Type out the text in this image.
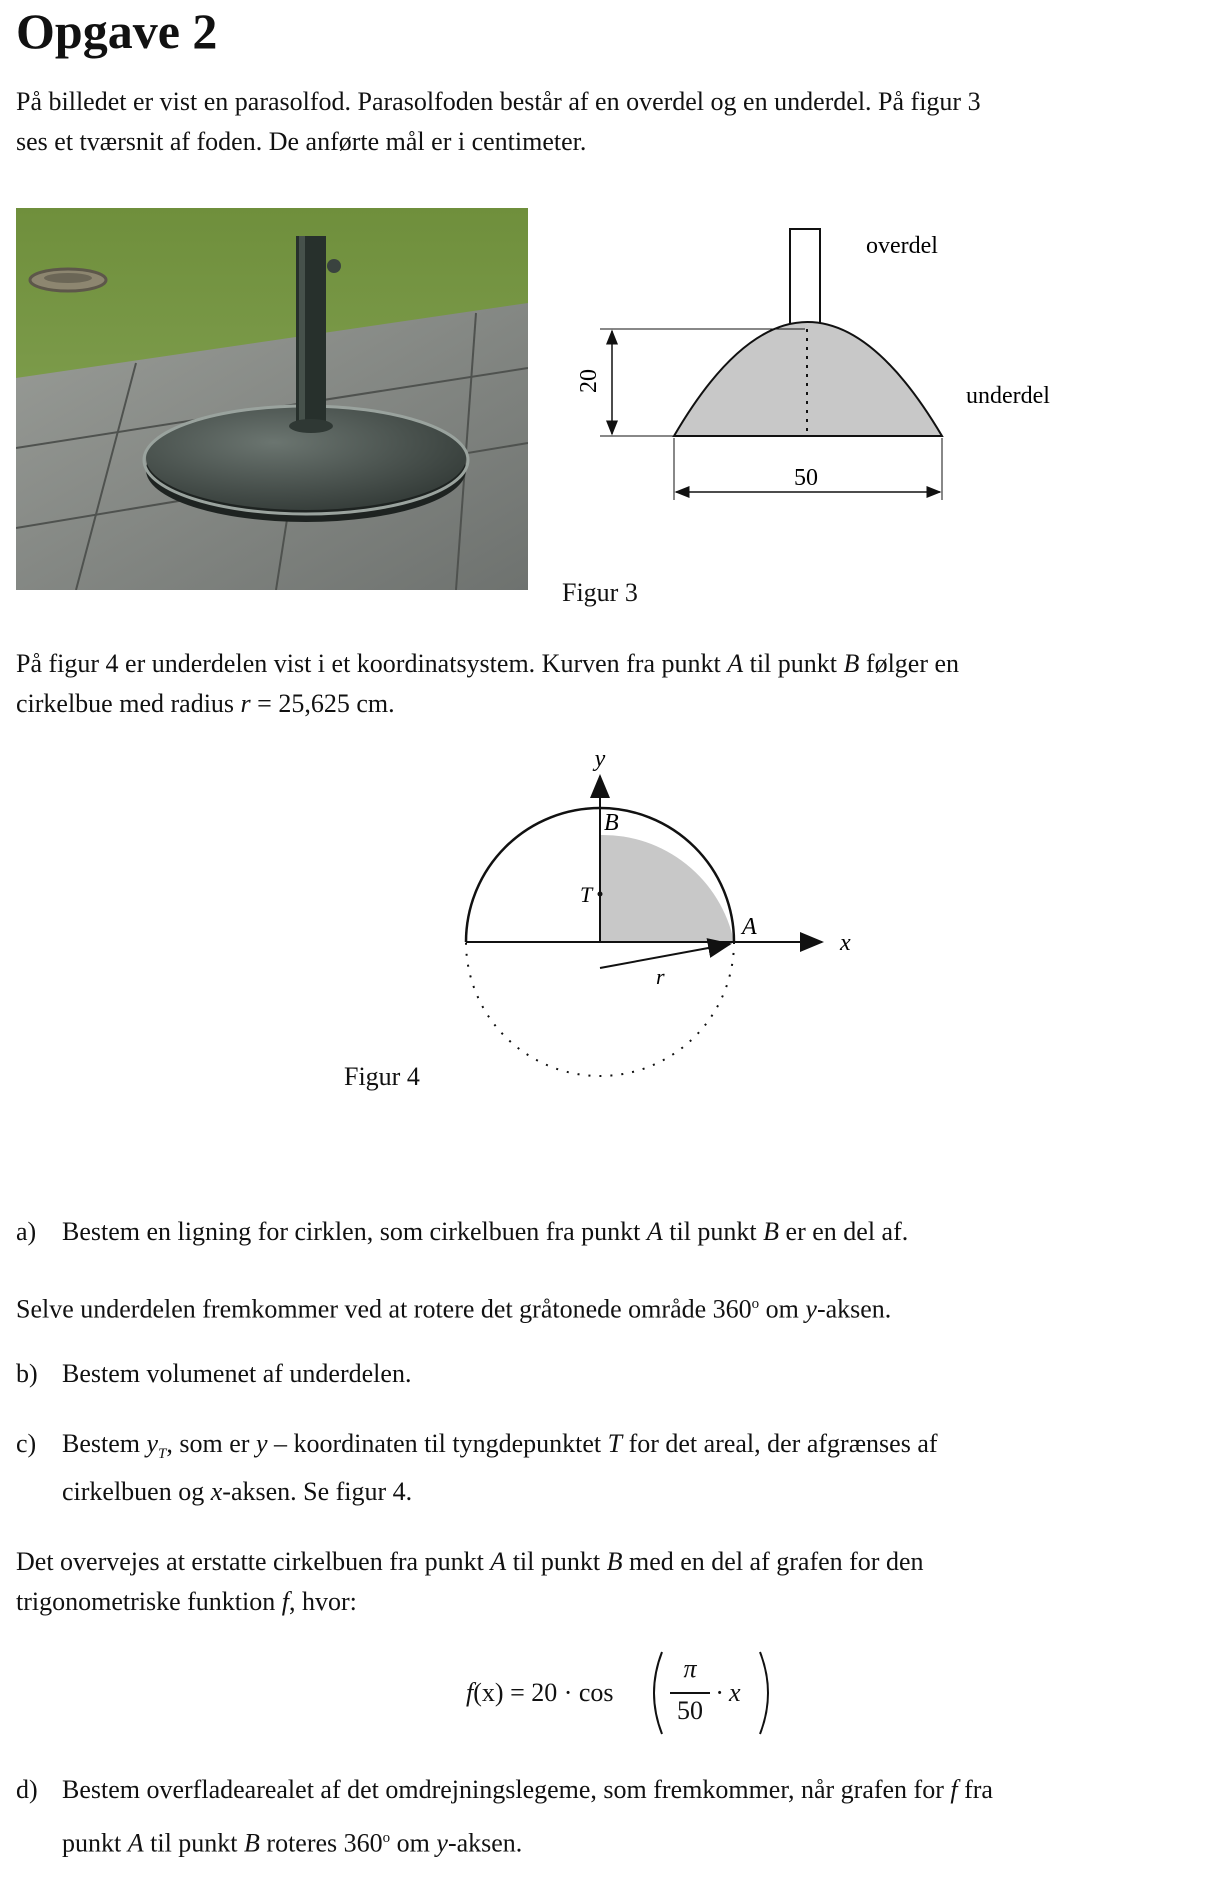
Opgave 2
På billedet er vist en parasolfod. Parasolfoden består af en overdel og en underdel. På figur 3
ses et tværsnit af foden. De anførte mål er i centimeter.
20
50
overdel
underdel
Figur 3
På figur 4 er underdelen vist i et koordinatsystem. Kurven fra punkt A til punkt B følger en
cirkelbue med radius r = 25,625 cm.
y
x
B
A
T
r
Figur 4
a) Bestem en ligning for cirklen, som cirkelbuen fra punkt A til punkt B er en del af.
Selve underdelen fremkommer ved at rotere det gråtonede område 360$^o$ om y-aksen.
b) Bestem volumenet af underdelen.
c) Bestem $y_T$, som er y – koordinaten til tyngdepunktet T for det areal, der afgrænses af
cirkelbuen og x-aksen. Se figur 4.
Det overvejes at erstatte cirkelbuen fra punkt A til punkt B med en del af grafen for den
trigonometriske funktion f, hvor:
f(x) = 20 · cos
π
50
· x
d) Bestem overfladearealet af det omdrejningslegeme, som fremkommer, når grafen for f fra
punkt A til punkt B roteres 360$^o$ om y-aksen.
